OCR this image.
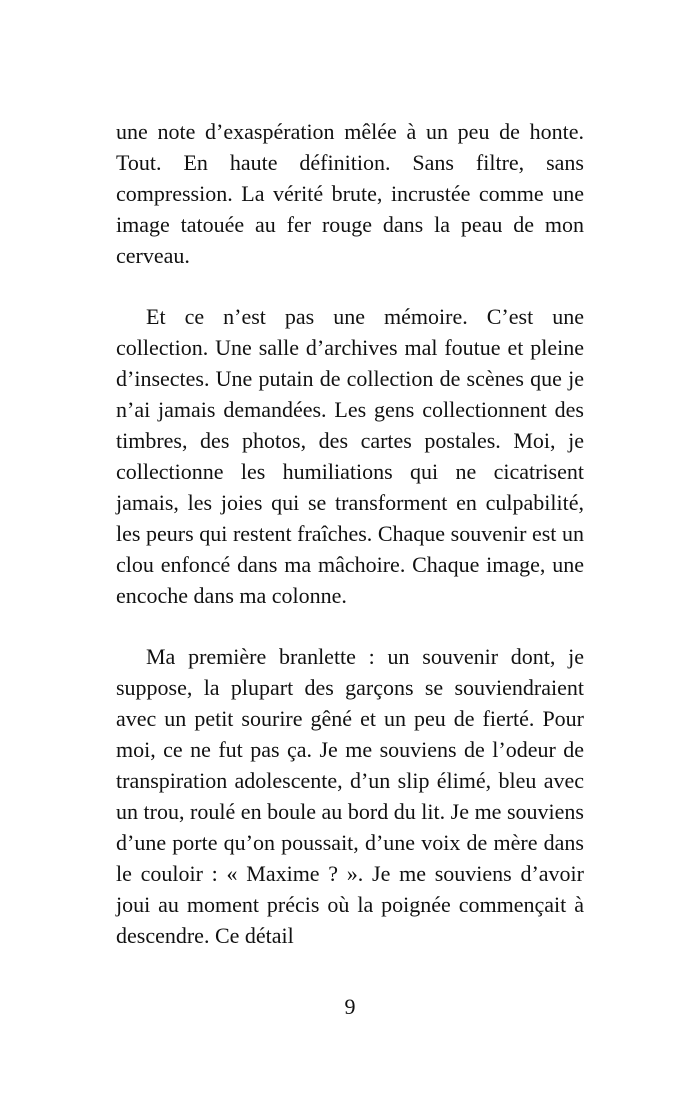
une note d’exaspération mêlée à un peu de honte. Tout. En haute définition. Sans filtre, sans compression. La vérité brute, incrustée comme une image tatouée au fer rouge dans la peau de mon cerveau.

Et ce n’est pas une mémoire. C’est une collection. Une salle d’archives mal foutue et pleine d’insectes. Une putain de collection de scènes que je n’ai jamais demandées. Les gens collectionnent des timbres, des photos, des cartes postales. Moi, je collectionne les humiliations qui ne cicatrisent jamais, les joies qui se transforment en culpabilité, les peurs qui restent fraîches. Chaque souvenir est un clou enfoncé dans ma mâchoire. Chaque image, une encoche dans ma colonne.

Ma première branlette : un souvenir dont, je suppose, la plupart des garçons se souviendraient avec un petit sourire gêné et un peu de fierté. Pour moi, ce ne fut pas ça. Je me souviens de l’odeur de transpiration adolescente, d’un slip élimé, bleu avec un trou, roulé en boule au bord du lit. Je me souviens d’une porte qu’on poussait, d’une voix de mère dans le couloir : « Maxime ? ». Je me souviens d’avoir joui au moment précis où la poignée commençait à descendre. Ce détail

9
